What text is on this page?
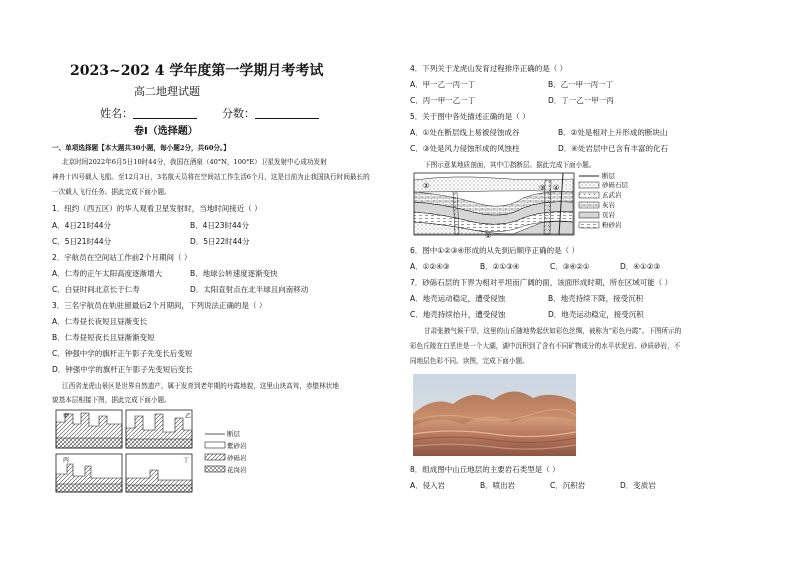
2023~202 4 学年度第一学期月考考试
高二地理试题
姓名：	分数：
卷Ⅰ（选择题）
一、单项选择题【本大题共30小题，每小题2分，共60分。】
北京时间2022年6月5日10时44分，我国在酒泉（40°N，100°E）卫星发射中心成功发射
神舟十四号载人飞船。至12月3日，3名航天员将在空间站工作生活6个月，这是目前为止我国执行时间最长的
一次载人飞行任务。据此完成下面小题。
1．纽约（西五区）的华人观看卫星发射时，当地时间接近（ ）
A．4日21时44分	B．4日23时44分
C．5日21时44分	D．5日22时44分
2．宇航员在空间站工作前2个月期间（ ）
A．仁寿的正午太阳高度逐渐增大	B．地球公转速度逐渐变快
C．白昼时间北京长于仁寿	D．太阳直射点在北半球且向南移动
3．三名宇航员在轨驻留最后2个月期间，下列说法正确的是（ ）
A．仁寿昼长夜短且昼渐变长
B．仁寿昼短夜长且昼渐渐变短
C．钟强中学的旗杆正午影子先变长后变短
D．钟强中学的旗杆正午影子先变短后变长
江西省龙虎山景区是世界自然遗产，属于发育到老年期的丹霞地貌，这里山块高耸，赤壁林状地
貌基本层相接下图，据此完成下面小题。
甲	乙
丙	丁
断层
紫砂岩
砂砾岩
花岗岩
4．下列关于龙虎山发育过程排序正确的是（ ）
A．甲一乙一丙一丁	B．乙一甲一丙一丁
C．丙一甲一乙一丁	D．丁一乙一甲一丙
5．关于图中各处描述正确的是（ ）
A．①处在断层线上易被侵蚀成谷	B．②处是相对上升形成的断块山
C．③处是风力侵蚀形成的风蚀柱	D．④处岩层中已含有丰富的化石
下图示意某地质剖面，其中①指断层。据此完成下面小题。
②	③ ④
①
断层
砂砾石层
玄武岩
灰岩
页岩
粉砂岩
6．图中①②③④形成的从先到后顺序正确的是（ ）
A．①②④③	B．②①③④	C．③④②①	D．④①②③
7．砂砾石层的下界为相对平坦而广阔的面，该面形成时期，所在区域可能（ ）
A．地壳运动稳定，遭受侵蚀	B．地壳持续下降，接受沉积
C．地壳持续抬升，遭受侵蚀	D．地壳运动稳定，接受沉积
甘肃张掖气候干旱，这里的山丘随地势起伏如彩色丝绸，被称为“彩色丹霞”。下图所示的
彩色丘陵在白垩世是一个大湖，湖中沉积到了含有不同矿物成分的水平状泥岩、砂质砂岩，不
同地层色彩不同。读图，完成下面小题。
8．组成图中山丘地层的主要岩石类型是（ ）
A．侵入岩	B．喷出岩	C．沉积岩	D．变质岩
